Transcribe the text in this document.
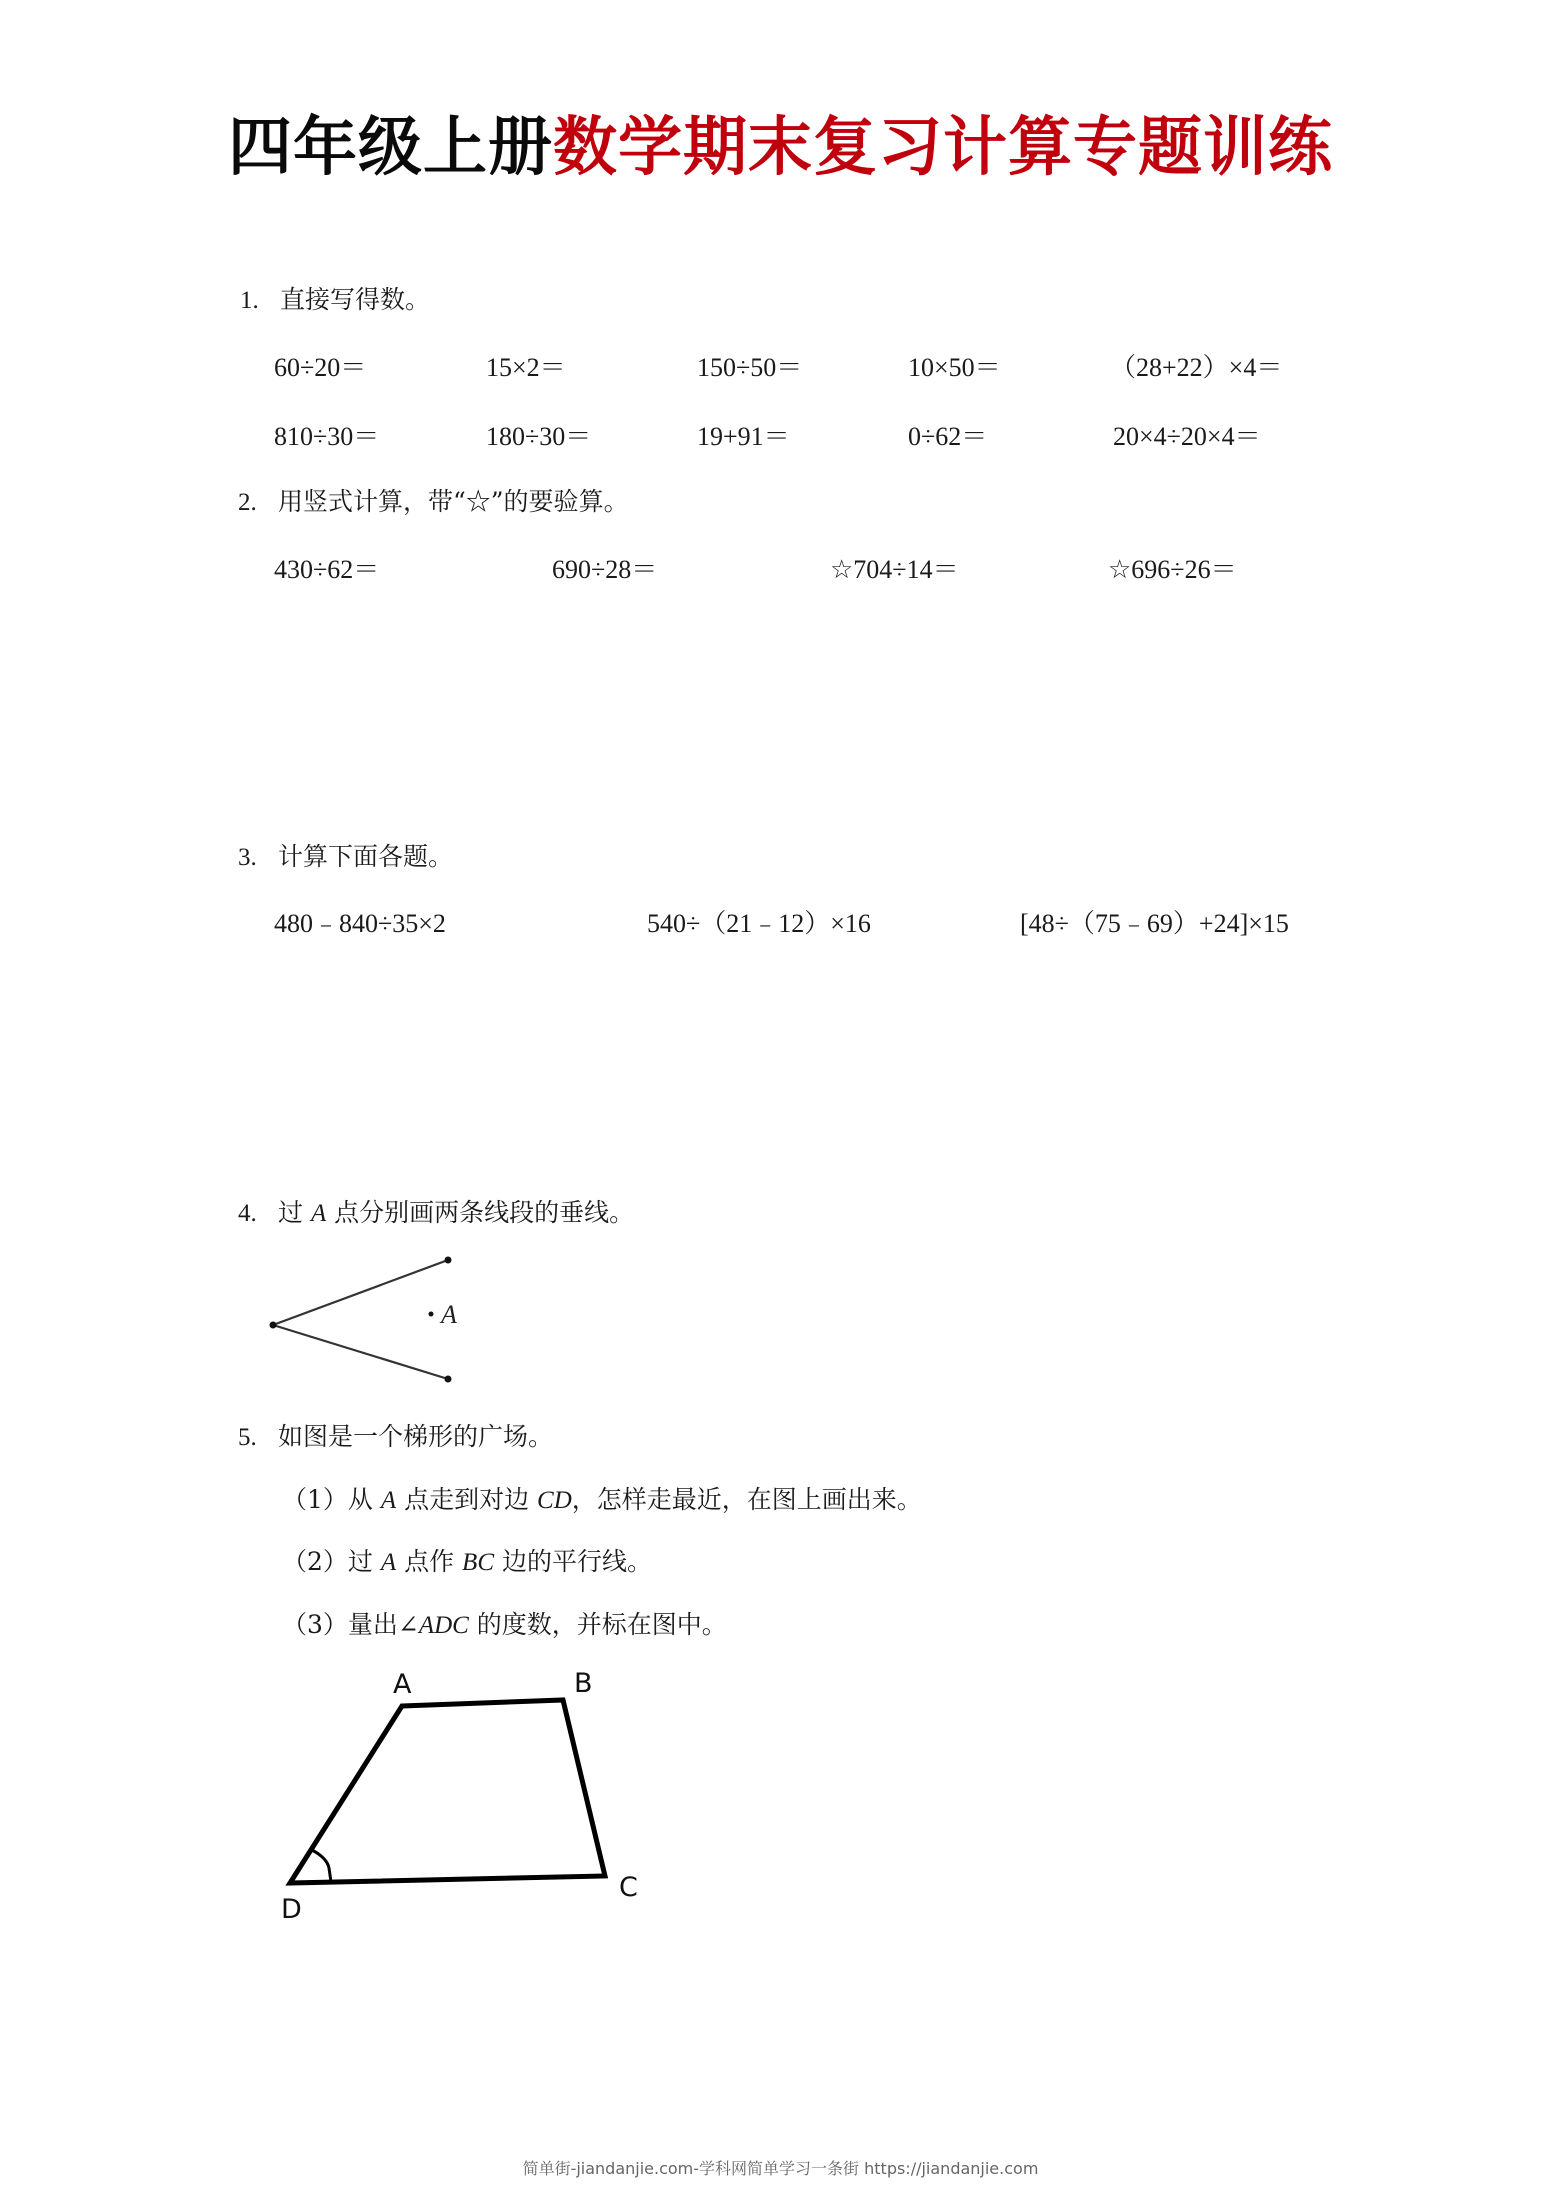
四年级上册数学期末复习计算专题训练
1. 直接写得数。
60÷20＝	15×2＝	150÷50＝	10×50＝	（28+22）×4＝
810÷30＝	180÷30＝	19+91＝	0÷62＝	20×4÷20×4＝
2. 用竖式计算，带“☆”的要验算。
430÷62＝	690÷28＝	☆704÷14＝	☆696÷26＝
3. 计算下面各题。
480﹣840÷35×2	540÷（21﹣12）×16	[48÷（75﹣69）+24]×15
4. 过 A 点分别画两条线段的垂线。
A
5. 如图是一个梯形的广场。
（1）从 A 点走到对边 CD，怎样走最近，在图上画出来。
（2）过 A 点作 BC 边的平行线。
（3）量出∠ADC 的度数，并标在图中。
A	B
C
D
简单街-jiandanjie.com-学科网简单学习一条街 https://jiandanjie.com
